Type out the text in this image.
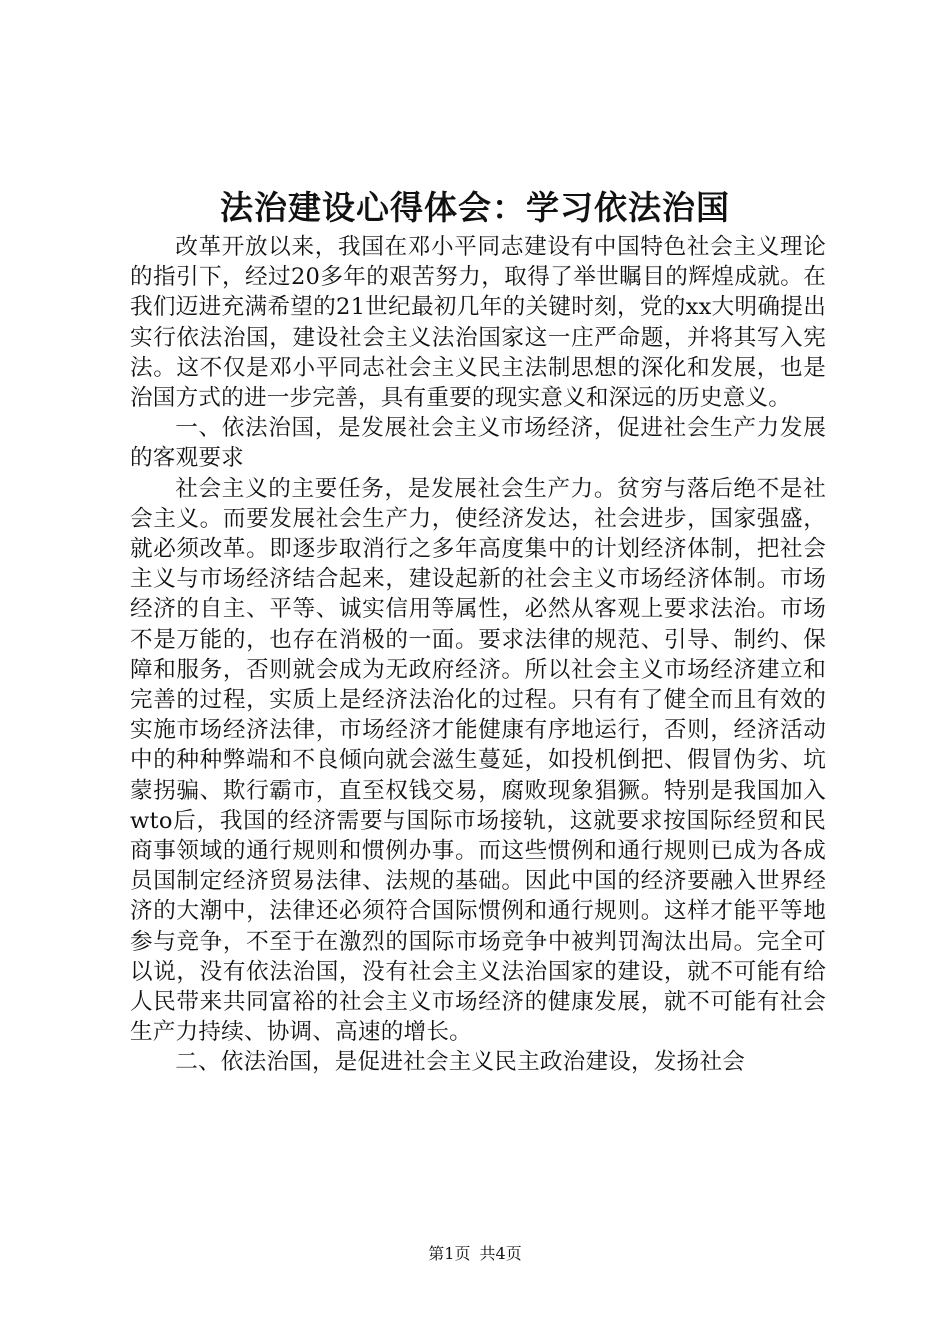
法治建设心得体会：学习依法治国

改革开放以来，我国在邓小平同志建设有中国特色社会主义理论的指引下，经过20多年的艰苦努力，取得了举世瞩目的辉煌成就。在我们迈进充满希望的21世纪最初几年的关键时刻，党的xx大明确提出实行依法治国，建设社会主义法治国家这一庄严命题，并将其写入宪法。这不仅是邓小平同志社会主义民主法制思想的深化和发展，也是治国方式的进一步完善，具有重要的现实意义和深远的历史意义。

一、依法治国，是发展社会主义市场经济，促进社会生产力发展的客观要求

社会主义的主要任务，是发展社会生产力。贫穷与落后绝不是社会主义。而要发展社会生产力，使经济发达，社会进步，国家强盛，就必须改革。即逐步取消行之多年高度集中的计划经济体制，把社会主义与市场经济结合起来，建设起新的社会主义市场经济体制。市场经济的自主、平等、诚实信用等属性，必然从客观上要求法治。市场不是万能的，也存在消极的一面。要求法律的规范、引导、制约、保障和服务，否则就会成为无政府经济。所以社会主义市场经济建立和完善的过程，实质上是经济法治化的过程。只有有了健全而且有效的实施市场经济法律，市场经济才能健康有序地运行，否则，经济活动中的种种弊端和不良倾向就会滋生蔓延，如投机倒把、假冒伪劣、坑蒙拐骗、欺行霸市，直至权钱交易，腐败现象猖獗。特别是我国加入wto后，我国的经济需要与国际市场接轨，这就要求按国际经贸和民商事领域的通行规则和惯例办事。而这些惯例和通行规则已成为各成员国制定经济贸易法律、法规的基础。因此中国的经济要融入世界经济的大潮中，法律还必须符合国际惯例和通行规则。这样才能平等地参与竞争，不至于在激烈的国际市场竞争中被判罚淘汰出局。完全可以说，没有依法治国，没有社会主义法治国家的建设，就不可能有给人民带来共同富裕的社会主义市场经济的健康发展，就不可能有社会生产力持续、协调、高速的增长。

二、依法治国，是促进社会主义民主政治建设，发扬社会

第1页 共4页
